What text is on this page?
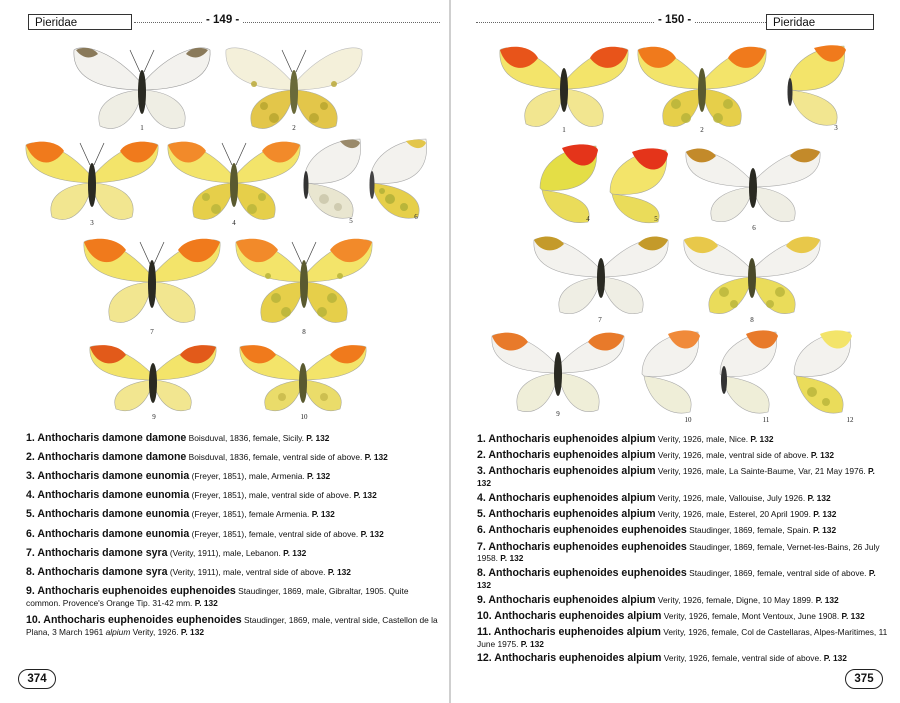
Pieridae	- 149 -
1	2
3	4	5	6
7	8
9	10

1. Anthocharis damone damone Boisduval, 1836, female, Sicily. P. 132

2. Anthocharis damone damone Boisduval, 1836, female, ventral side of above. P. 132

3. Anthocharis damone eunomia (Freyer, 1851), male, Armenia. P. 132

4. Anthocharis damone eunomia (Freyer, 1851), male, ventral side of above. P. 132

5. Anthocharis damone eunomia (Freyer, 1851), female Armenia. P. 132

6. Anthocharis damone eunomia (Freyer, 1851), female, ventral side of above. P. 132

7. Anthocharis damone syra (Verity, 1911), male, Lebanon. P. 132

8. Anthocharis damone syra (Verity, 1911), male, ventral side of above. P. 132

9. Anthocharis euphenoides euphenoides Staudinger, 1869, male, Gibraltar, 1905. Quite common. Provence's Orange Tip. 31-42 mm. P. 132

10. Anthocharis euphenoides euphenoides Staudinger, 1869, male, ventral side, Castellon de la Plana, 3 March 1961 alpium Verity, 1926. P. 132

374
- 150 -	Pieridae
1	2	3
4	5
6
7	8
9
10	11	12

1. Anthocharis euphenoides alpium Verity, 1926, male, Nice. P. 132

2. Anthocharis euphenoides alpium Verity, 1926, male, ventral side of above. P. 132

3. Anthocharis euphenoides alpium Verity, 1926, male, La Sainte-Baume, Var, 21 May 1976. P. 132

4. Anthocharis euphenoides alpium Verity, 1926, male, Vallouise, July 1926. P. 132

5. Anthocharis euphenoides alpium Verity, 1926, male, Esterel, 20 April 1909. P. 132

6. Anthocharis euphenoides euphenoides Staudinger, 1869, female, Spain. P. 132

7. Anthocharis euphenoides euphenoides Staudinger, 1869, female, Vernet-les-Bains, 26 July 1958. P. 132

8. Anthocharis euphenoides euphenoides Staudinger, 1869, female, ventral side of above. P. 132

9. Anthocharis euphenoides alpium Verity, 1926, female, Digne, 10 May 1899. P. 132

10. Anthocharis euphenoides alpium Verity, 1926, female, Mont Ventoux, June 1908. P. 132

11. Anthocharis euphenoides alpium Verity, 1926, female, Col de Castellaras, Alpes-Maritimes, 11 June 1975. P. 132

12. Anthocharis euphenoides alpium Verity, 1926, female, ventral side of above. P. 132

375
